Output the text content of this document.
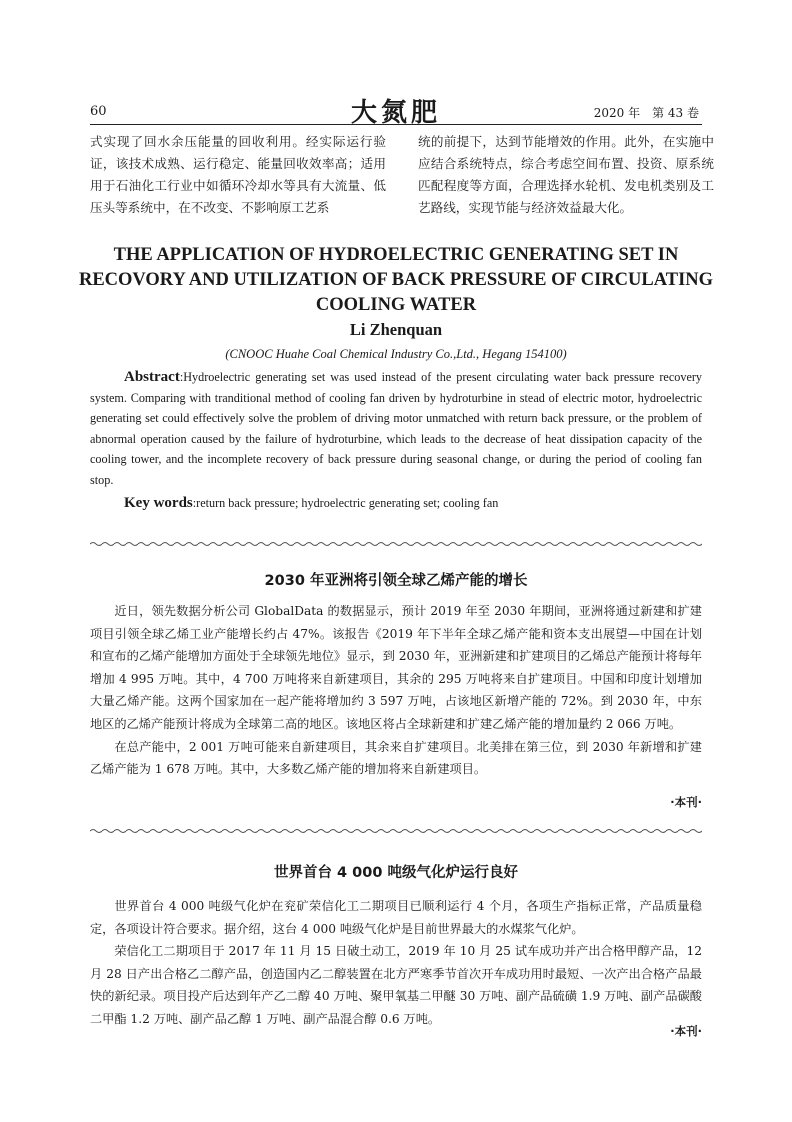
60	大氮肥	2020 年　第 43 卷

式实现了回水余压能量的回收利用。经实际运行验证，该技术成熟、运行稳定、能量回收效率高；适用用于石油化工行业中如循环冷却水等具有大流量、低压头等系统中，在不改变、不影响原工艺系

统的前提下，达到节能增效的作用。此外，在实施中应结合系统特点，综合考虑空间布置、投资、原系统匹配程度等方面，合理选择水轮机、发电机类别及工艺路线，实现节能与经济效益最大化。

THE APPLICATION OF HYDROELECTRIC GENERATING SET IN RECOVORY AND UTILIZATION OF BACK PRESSURE OF CIRCULATING COOLING WATER
Li Zhenquan
(CNOOC Huahe Coal Chemical Industry Co.,Ltd., Hegang 154100)

Abstract:Hydroelectric generating set was used instead of the present circulating water back pressure recovery system. Comparing with tranditional method of cooling fan driven by hydroturbine in stead of electric motor, hydroelectric generating set could effectively solve the problem of driving motor unmatched with return back pressure, or the problem of abnormal operation caused by the failure of hydroturbine, which leads to the decrease of heat dissipation capacity of the cooling tower, and the incomplete recovery of back pressure during seasonal change, or during the period of cooling fan stop.

Key words:return back pressure; hydroelectric generating set; cooling fan
2030 年亚洲将引领全球乙烯产能的增长

近日，领先数据分析公司 GlobalData 的数据显示，预计 2019 年至 2030 年期间，亚洲将通过新建和扩建项目引领全球乙烯工业产能增长约占 47%。该报告《2019 年下半年全球乙烯产能和资本支出展望—中国在计划和宣布的乙烯产能增加方面处于全球领先地位》显示，到 2030 年，亚洲新建和扩建项目的乙烯总产能预计将每年增加 4 995 万吨。其中，4 700 万吨将来自新建项目，其余的 295 万吨将来自扩建项目。中国和印度计划增加大量乙烯产能。这两个国家加在一起产能将增加约 3 597 万吨，占该地区新增产能的 72%。到 2030 年，中东地区的乙烯产能预计将成为全球第二高的地区。该地区将占全球新建和扩建乙烯产能的增加量约 2 066 万吨。

在总产能中，2 001 万吨可能来自新建项目，其余来自扩建项目。北美排在第三位，到 2030 年新增和扩建乙烯产能为 1 678 万吨。其中，大多数乙烯产能的增加将来自新建项目。

·本刊·
世界首台 4 000 吨级气化炉运行良好

世界首台 4 000 吨级气化炉在兖矿荣信化工二期项目已顺利运行 4 个月，各项生产指标正常，产品质量稳定，各项设计符合要求。据介绍，这台 4 000 吨级气化炉是目前世界最大的水煤浆气化炉。

荣信化工二期项目于 2017 年 11 月 15 日破土动工，2019 年 10 月 25 试车成功并产出合格甲醇产品，12 月 28 日产出合格乙二醇产品，创造国内乙二醇装置在北方严寒季节首次开车成功用时最短、一次产出合格产品最快的新纪录。项目投产后达到年产乙二醇 40 万吨、聚甲氧基二甲醚 30 万吨、副产品硫磺 1.9 万吨、副产品碳酸二甲酯 1.2 万吨、副产品乙醇 1 万吨、副产品混合醇 0.6 万吨。

·本刊·
